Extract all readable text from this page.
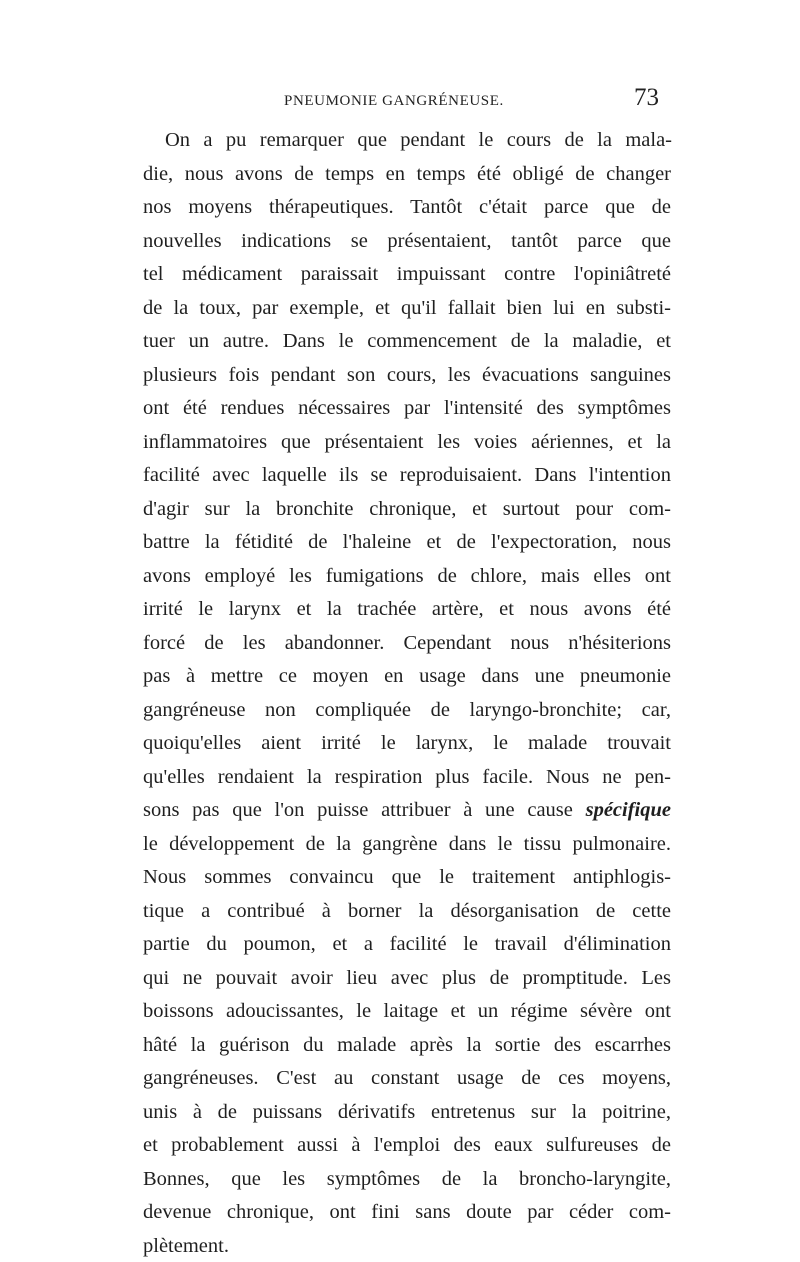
PNEUMONIE GANGRÉNEUSE.	73
On a pu remarquer que pendant le cours de la mala-
die, nous avons de temps en temps été obligé de changer
nos moyens thérapeutiques. Tantôt c'était parce que de
nouvelles indications se présentaient, tantôt parce que
tel médicament paraissait impuissant contre l'opiniâtreté
de la toux, par exemple, et qu'il fallait bien lui en substi-
tuer un autre. Dans le commencement de la maladie, et
plusieurs fois pendant son cours, les évacuations sanguines
ont été rendues nécessaires par l'intensité des symptômes
inflammatoires que présentaient les voies aériennes, et la
facilité avec laquelle ils se reproduisaient. Dans l'intention
d'agir sur la bronchite chronique, et surtout pour com-
battre la fétidité de l'haleine et de l'expectoration, nous
avons employé les fumigations de chlore, mais elles ont
irrité le larynx et la trachée artère, et nous avons été
forcé de les abandonner. Cependant nous n'hésiterions
pas à mettre ce moyen en usage dans une pneumonie
gangréneuse non compliquée de laryngo-bronchite; car,
quoiqu'elles aient irrité le larynx, le malade trouvait
qu'elles rendaient la respiration plus facile. Nous ne pen-
sons pas que l'on puisse attribuer à une cause spécifique
le développement de la gangrène dans le tissu pulmonaire.
Nous sommes convaincu que le traitement antiphlogis-
tique a contribué à borner la désorganisation de cette
partie du poumon, et a facilité le travail d'élimination
qui ne pouvait avoir lieu avec plus de promptitude. Les
boissons adoucissantes, le laitage et un régime sévère ont
hâté la guérison du malade après la sortie des escarrhes
gangréneuses. C'est au constant usage de ces moyens,
unis à de puissans dérivatifs entretenus sur la poitrine,
et probablement aussi à l'emploi des eaux sulfureuses de
Bonnes, que les symptômes de la broncho-laryngite,
devenue chronique, ont fini sans doute par céder com-
plètement.
